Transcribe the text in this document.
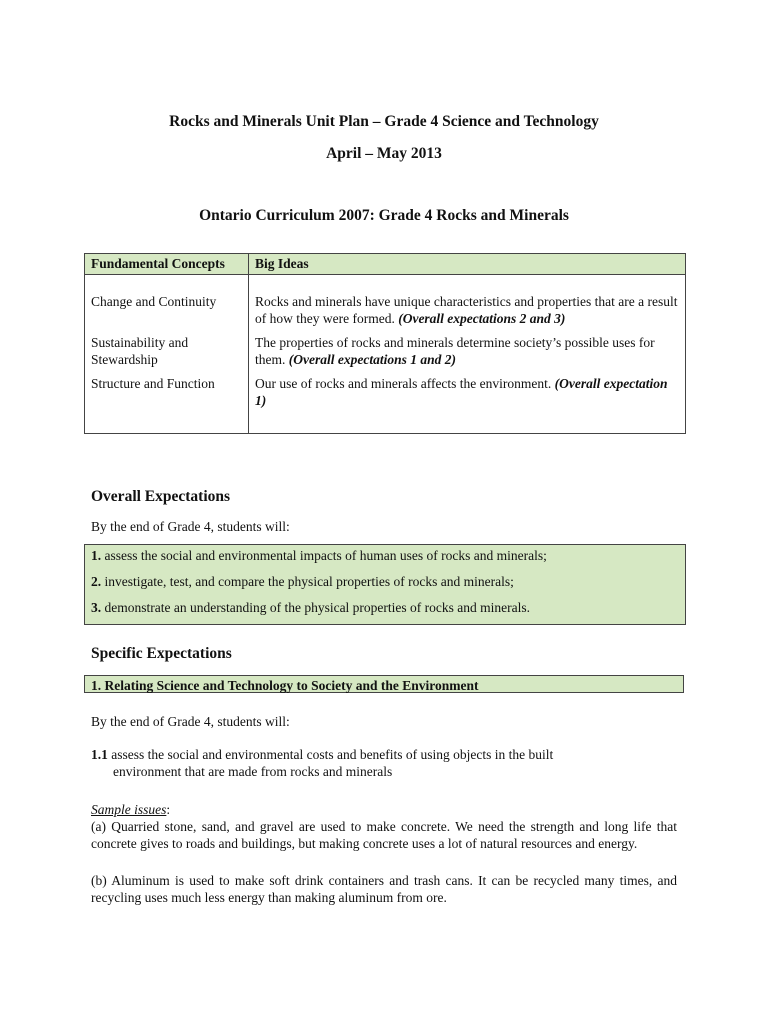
Rocks and Minerals Unit Plan – Grade 4 Science and Technology
April – May 2013
Ontario Curriculum 2007: Grade 4 Rocks and Minerals
Fundamental Concepts	Big Ideas
Change and Continuity	Rocks and minerals have unique characteristics and properties that are a result of how they were formed. (Overall expectations 2 and 3)
Sustainability and Stewardship	The properties of rocks and minerals determine society’s possible uses for them. (Overall expectations 1 and 2)
Structure and Function	Our use of rocks and minerals affects the environment. (Overall expectation 1)
Overall Expectations
By the end of Grade 4, students will:
1. assess the social and environmental impacts of human uses of rocks and minerals;
2. investigate, test, and compare the physical properties of rocks and minerals;
3. demonstrate an understanding of the physical properties of rocks and minerals.
Specific Expectations
1. Relating Science and Technology to Society and the Environment
By the end of Grade 4, students will:
1.1 assess the social and environmental costs and benefits of using objects in the built
environment that are made from rocks and minerals
Sample issues:
(a) Quarried stone, sand, and gravel are used to make concrete. We need the strength and long life that concrete gives to roads and buildings, but making concrete uses a lot of natural resources and energy.
(b) Aluminum is used to make soft drink containers and trash cans. It can be recycled many times, and recycling uses much less energy than making aluminum from ore.
